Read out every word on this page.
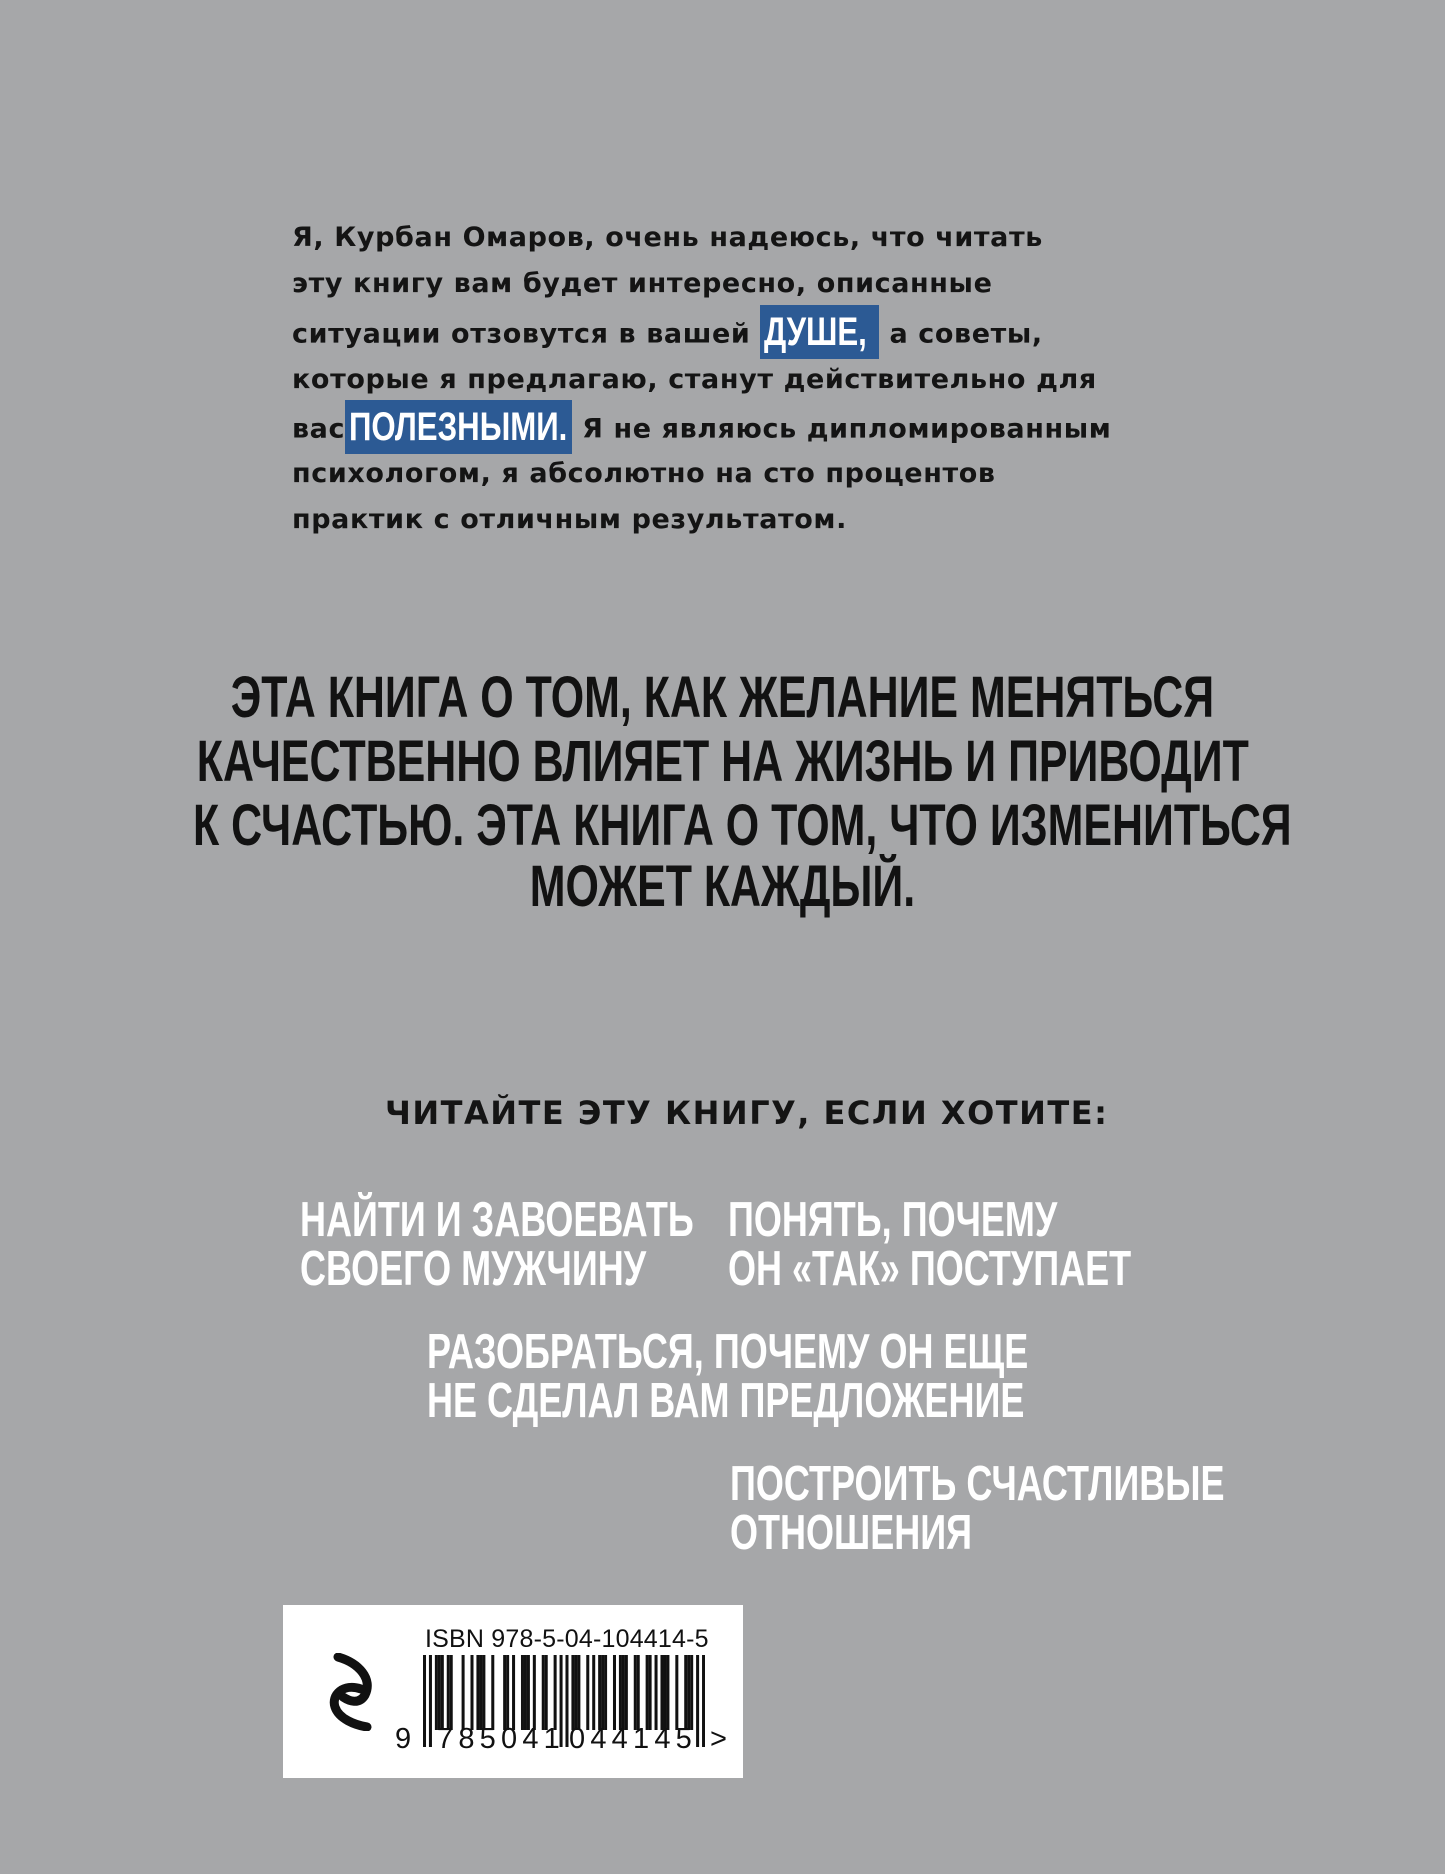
Я, Курбан Омаров, очень надеюсь, что читать
эту книгу вам будет интересно, описанные
ситуации отзовутся в вашей ДУШЕ, а советы,
которые я предлагаю, станут действительно для
вас ПОЛЕЗНЫМИ. Я не являюсь дипломированным
психологом, я абсолютно на сто процентов
практик с отличным результатом.
ЭТА КНИГА О ТОМ, КАК ЖЕЛАНИЕ МЕНЯТЬСЯ
КАЧЕСТВЕННО ВЛИЯЕТ НА ЖИЗНЬ И ПРИВОДИТ
К СЧАСТЬЮ. ЭТА КНИГА О ТОМ, ЧТО ИЗМЕНИТЬСЯ
МОЖЕТ КАЖДЫЙ.
ЧИТАЙТЕ ЭТУ КНИГУ, ЕСЛИ ХОТИТЕ:
НАЙТИ И ЗАВОЕВАТЬ
СВОЕГО МУЖЧИНУ
ПОНЯТЬ, ПОЧЕМУ
ОН «ТАК» ПОСТУПАЕТ
РАЗОБРАТЬСЯ, ПОЧЕМУ ОН ЕЩЕ
НЕ СДЕЛАЛ ВАМ ПРЕДЛОЖЕНИЕ
ПОСТРОИТЬ СЧАСТЛИВЫЕ
ОТНОШЕНИЯ
ISBN 978-5-04-104414-5
9 785041 044145 >
